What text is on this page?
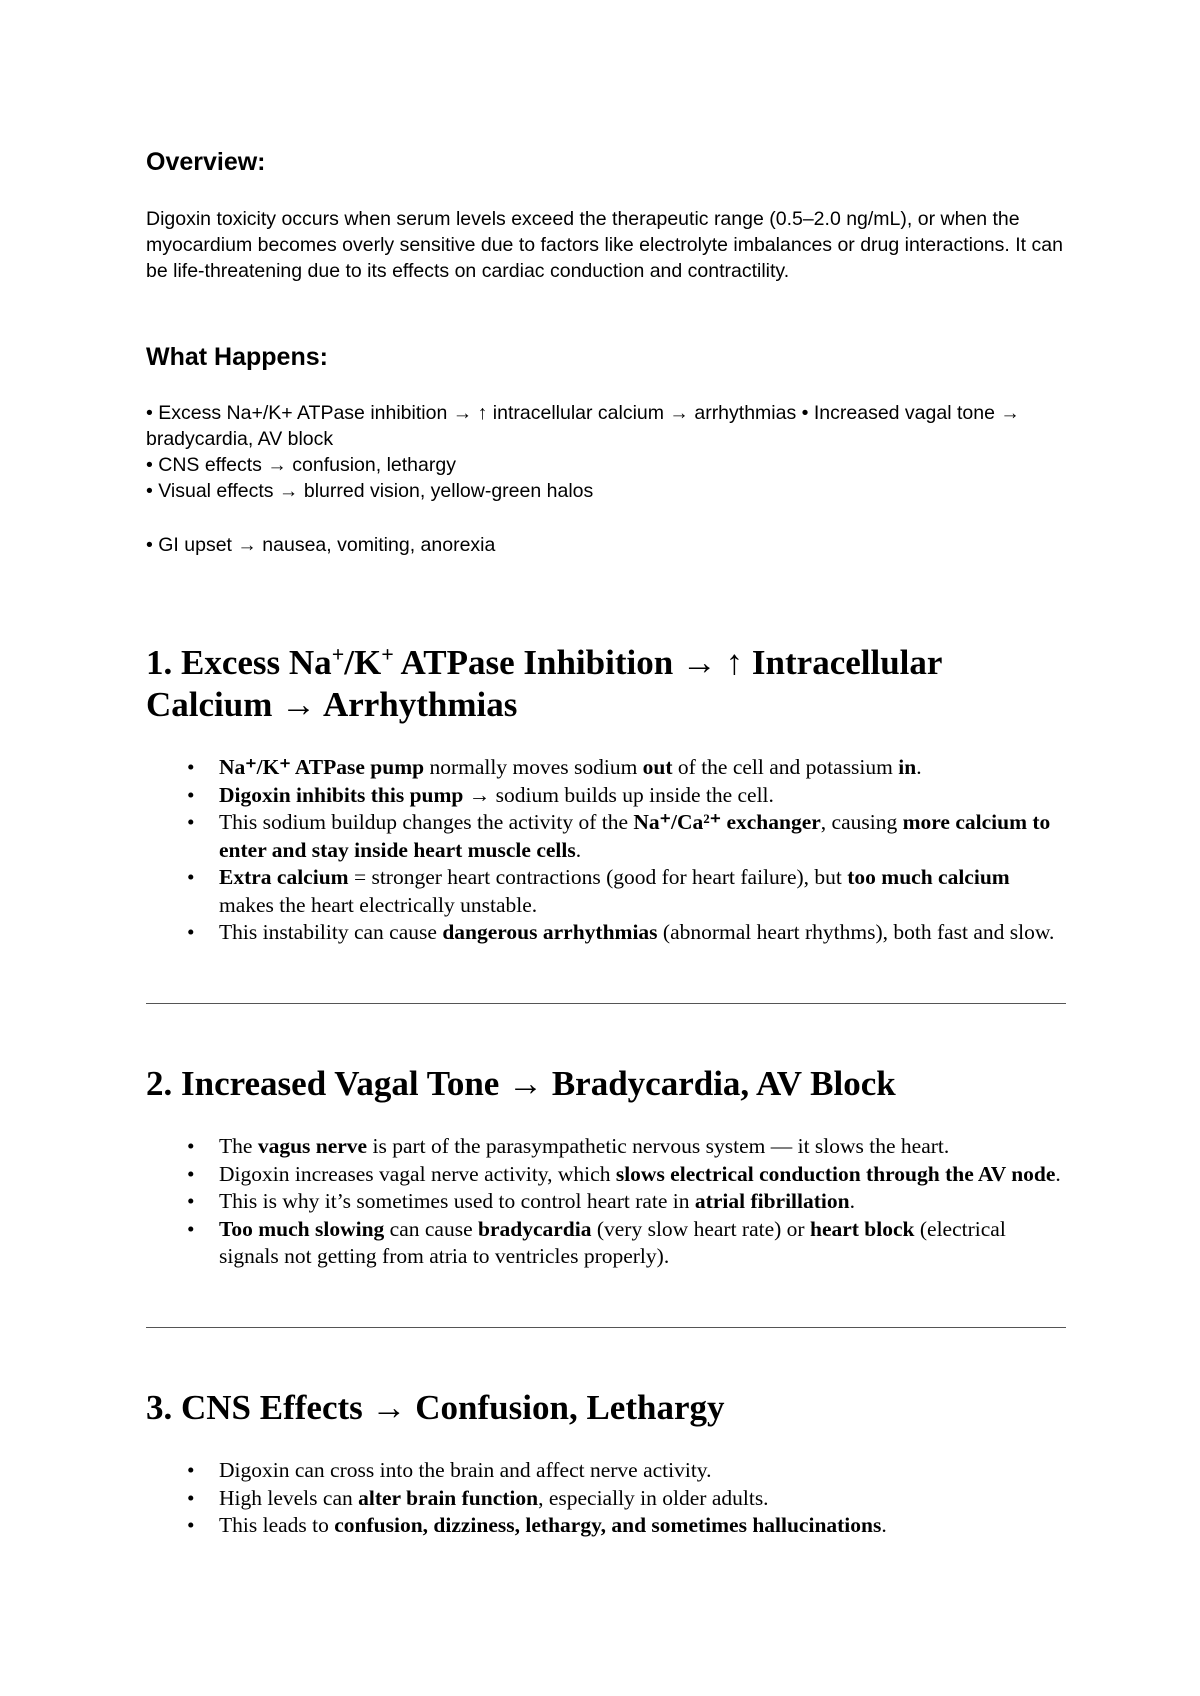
Overview:

Digoxin toxicity occurs when serum levels exceed the therapeutic range (0.5–2.0 ng/mL), or when the myocardium becomes overly sensitive due to factors like electrolyte imbalances or drug interactions. It can be life-threatening due to its effects on cardiac conduction and contractility.

What Happens:
• Excess Na+/K+ ATPase inhibition → ↑ intracellular calcium → arrhythmias • Increased vagal tone → bradycardia, AV block
• CNS effects → confusion, lethargy
• Visual effects → blurred vision, yellow-green halos
• GI upset → nausea, vomiting, anorexia
1. Excess Na+/K+ ATPase Inhibition → ↑ Intracellular Calcium → Arrhythmias
• Na⁺/K⁺ ATPase pump normally moves sodium out of the cell and potassium in.
• Digoxin inhibits this pump → sodium builds up inside the cell.
• This sodium buildup changes the activity of the Na⁺/Ca²⁺ exchanger, causing more calcium to enter and stay inside heart muscle cells.
• Extra calcium = stronger heart contractions (good for heart failure), but too much calcium makes the heart electrically unstable.
• This instability can cause dangerous arrhythmias (abnormal heart rhythms), both fast and slow.
2. Increased Vagal Tone → Bradycardia, AV Block
• The vagus nerve is part of the parasympathetic nervous system — it slows the heart.
• Digoxin increases vagal nerve activity, which slows electrical conduction through the AV node.
• This is why it’s sometimes used to control heart rate in atrial fibrillation.
• Too much slowing can cause bradycardia (very slow heart rate) or heart block (electrical signals not getting from atria to ventricles properly).
3. CNS Effects → Confusion, Lethargy
• Digoxin can cross into the brain and affect nerve activity.
• High levels can alter brain function, especially in older adults.
• This leads to confusion, dizziness, lethargy, and sometimes hallucinations.
